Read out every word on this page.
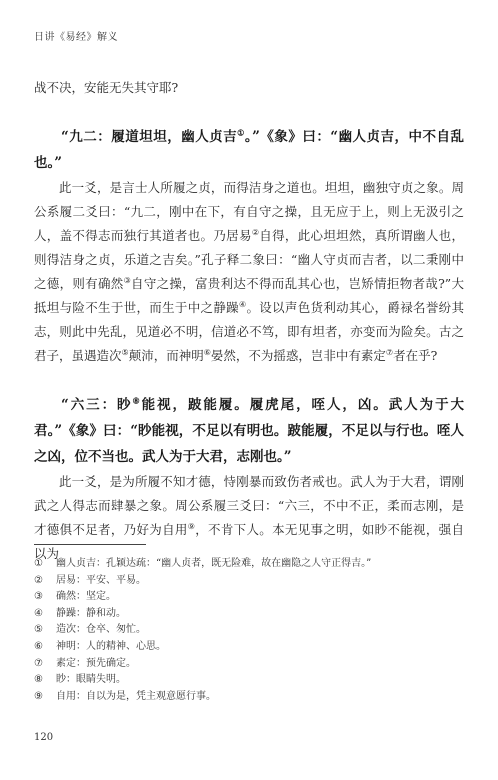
日讲《易经》解义

战不决，安能无失其守耶?

“九二：履道坦坦，幽人贞吉①。”《象》曰：“幽人贞吉，中不自乱也。”

此一爻，是言士人所履之贞，而得洁身之道也。坦坦，幽独守贞之象。周公系履二爻曰：“九二，刚中在下，有自守之操，且无应于上，则上无汲引之人，盖不得志而独行其道者也。乃居易②自得，此心坦坦然，真所谓幽人也，则得洁身之贞，乐道之吉矣。”孔子释二象曰：“幽人守贞而吉者，以二秉刚中之德，则有确然③自守之操，富贵利达不得而乱其心也，岂矫情拒物者哉?”大抵坦与险不生于世，而生于中之静躁④。设以声色货利动其心，爵禄名誉纷其志，则此中先乱，见道必不明，信道必不笃，即有坦者，亦变而为险矣。古之君子，虽遇造次⑤颠沛，而神明⑥晏然，不为摇惑，岂非中有素定⑦者在乎?

“六三：眇⑧能视，跛能履。履虎尾，咥人，凶。武人为于大君。”《象》曰：“眇能视，不足以有明也。跛能履，不足以与行也。咥人之凶，位不当也。武人为于大君，志刚也。”

此一爻，是为所履不知才德，恃刚暴而致伤者戒也。武人为于大君，谓刚武之人得志而肆暴之象。周公系履三爻曰：“六三，不中不正，柔而志刚，是才德俱不足者，乃好为自用⑨，不肯下人。本无见事之明，如眇不能视，强自以为

①	幽人贞吉：孔颖达疏：“幽人贞者，既无险难，故在幽隐之人守正得吉。”
②	居易：平安、平易。
③	确然：坚定。
④	静躁：静和动。
⑤	造次：仓卒、匆忙。
⑥	神明：人的精神、心思。
⑦	素定：预先确定。
⑧	眇：眼睛失明。
⑨	自用：自以为是，凭主观意愿行事。
120
